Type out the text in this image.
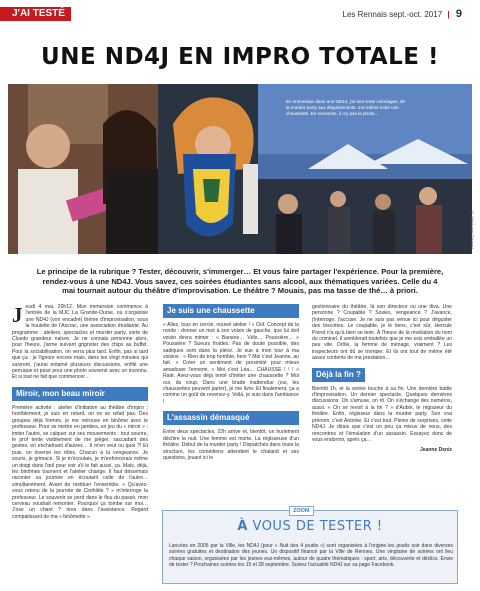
J'AI TESTÉ	Les Rennais sept.-oct. 2017 | 9
UNE ND4J EN IMPRO TOTALE !
En immersion dans une ND4J, j'ai tout testé coloriages, de la murder party aux déguisements. J'ai même imité une chaussette. En revanche, il n'y pas la photo...
© Stéphane Gaubert

Le principe de la rubrique ? Tester, découvrir, s'immerger… Et vous faire partager l'expérience. Pour la première, rendez-vous à une ND4J. Vous savez, ces soirées étudiantes sans alcool, aux thématiques variées. Celle du 4 mai tournait autour du théâtre d'improvisation. Le théâtre ? Mouais, pas ma tasse de thé… à priori.

Jeudi 4 mai, 20h12. Mon immersion commence à l'entrée de la MJC La Grande-Ourse, où s'organise une ND4J (voir encadré) thème d'improvisation, sous la houlette de l'Ascrac, une association étudiante. Au programme : ateliers, spectacles et murder party, sorte de Cluedo grandeur nature. Je ne connais personne alors, pour l'heure, j'arme suivant grignoter des chips au buffet. Pour la sociabilisation, on verra plus tard. Enfin, pas si tard que ça : je l'ignore encore mais, dans les vingt minutes qui suivront, j'aurai entamé plusieurs discussions, enfilé une perruque et posé pour une photo souvenir avec un inconnu. Et si tout ne fait que commencer…

Miroir, mon beau miroir

Première activité : atelier d'initiation au théâtre d'impro ; horriblement, je suis en retard, on ne se refait pas. Des groupes déjà formés, je me retrouve en binôme avec le professeur. Pour se mettre en jambes, un jeu du « miroir » : imiter l'autre, se calquer sur ses mouvements : tout sourire, le prof tente visiblement de me piéger, saccadant des gestes, en enchaînant d'autres… Il m'en veut ou quoi ?! Et puis, on inverse les rôles. Chacun à la vengeance. Je souris, je grimace. Si je m'écoutais, je m'enfoncerais même un doigt dans l'œil pour voir s'il le fait aussi, ça. Mais, déjà, les binômes tournent et l'atelier change. Il faut désormais raconter sa journée en écoutant celle de l'autre… simultanément. Avant de restituer l'ensemble. « Qu'avez-vous retenu de la journée de Clothilde ? » m'interroge la professeur. Le souvenir se perd dans le flou du passé, mon cerveau voudrait remonter. Pourquoi ça tombe sur moi… J'ose un chant ? rires dans l'assistance. Regard compatissant de ma « binômette ».

Je suis une chaussette

« Allez, tous en cercle, nouvel atelier ! » Ouf. Concept de la ronde : donner un mot à son voisin de gauche, que lui doit voisin devra mimer : « Banane… Vélo… Poussière… » Poussière ? Sueurs froides. Pas de doute possible, des sadiques sont dans la pièce. Je sue à mon tour à ma voisine : « Rien de trop horrible, hein ? Moi c'est Jeanne, au fait. » Créer un sentiment de proximité pour mieux amadouer l'ennemi. « Moi c'est Léa… CHAUSSE ! ! ! » Raté. Avez-vous déjà tenté d'imiter une chaussette ? Moi oui, du coup. Dans une brade inattendue (oui, les chaussettes peuvent parler), je me livre. Et finalement, ça a comme un goût de revenez-y. Voilà, je suis dans l'ambiance !

L'assassin démasqué

Entre deux spectacles, 22h arrive et, bientôt, un hurlement déchire la nuit. Une femme est morte. La régisseuse d'un théâtre. Début de la murder party ! Dispatchés dans toute la structure, les comédiens attendent le chaland et ses questions, jouant ici le

gestionnaire du théâtre, là son directeur ou une diva. Une personne ? Coupable ? Sosies, vengeance ? J'avance, j'interroge, j'accuse. Je ne suis pas venue ici pour déguster des biscottes. Le coupable, je le tiens, c'est sûr, Hercule Poirot n'a qu'à bien se tenir. À l'heure de la révélation du nom du criminel, il semblerait toutefois que je me sois emballée un peu vite. Drôle, la femme de ménage, vraiment ? Les inspecteurs ont dû se tromper. Et ils ont tout de même été assez contents de ma prestation…

Déjà la fin ?

Bientôt 1h, et la soirée touche à sa fin. Une dernière battle d'improvisation. Un dernier spectacle. Quelques dernières discussions. On s'amuse, on rit. On s'échange des numéros, aussi. « On se revoit à la fin ? » d'Aubin, le régisseur du théâtre. Enfin, régisseur dans la murder party. Son vrai prénom, c'est Antoine. Et c'est tout. Pleine de surprises, cette ND4J. Je dirais que c'est un peu ça mieux de nous, des rencontres et l'émulation d'un assassin. Essayez donc de vous endormir, après ça…

Jeanne Deniz

ZOOM
À VOUS DE TESTER !

Lancées en 2005 par la Ville, les ND4J (pour « Nuit des 4 jeudis ») sont organisées à l'origine les jeudis soir dans diverses soirées gratuites et destination des jeunes. Un dispositif financé par la Ville de Rennes. Une vingtaine de soirées ont lieu chaque saison, organisées par les jeunes eux-mêmes, autour de quatre thématiques : sport, arts, découverte et déclics. Envie de tester ? Prochaines soirées les 15 et 28 septembre. Suivez l'actualité ND4J sur sa page Facebook.
